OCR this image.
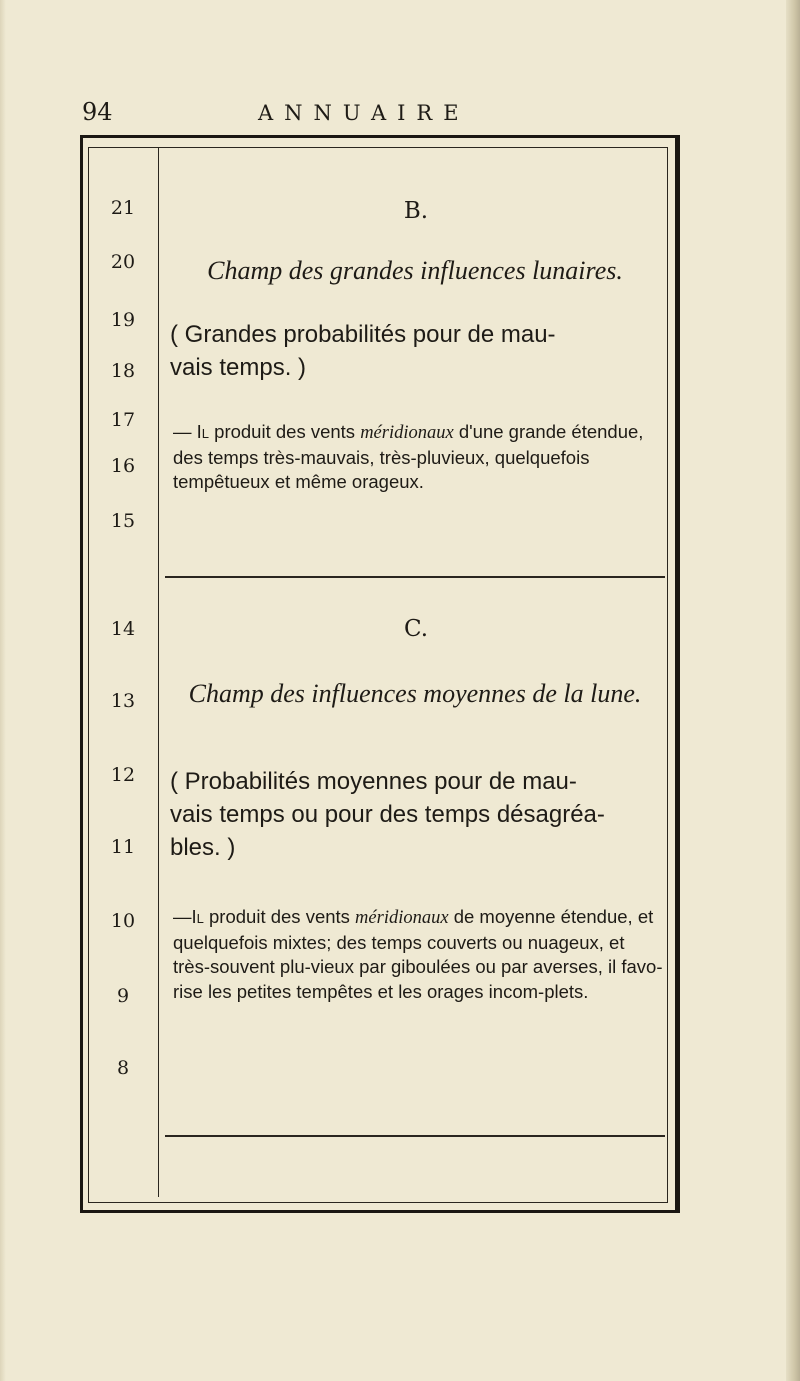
94	ANNUAIRE
21
20
19
18
17
16
15
14
13
12
11
10
9
8
B.
Champ des grandes influences lunaires.
( Grandes probabilités pour de mau-
vais temps. )
— Il produit des vents méridionaux d'une grande étendue, des temps très-mauvais, très-pluvieux, quelquefois tempêtueux et même orageux.
C.
Champ des influences moyennes de la lune.
( Probabilités moyennes pour de mau-
vais temps ou pour des temps désagréa-
bles. )
—Il produit des vents méridionaux de moyenne étendue, et quelquefois mixtes; des temps couverts ou nuageux, et très-souvent plu-vieux par giboulées ou par averses, il favo-rise les petites tempêtes et les orages incom-plets.
